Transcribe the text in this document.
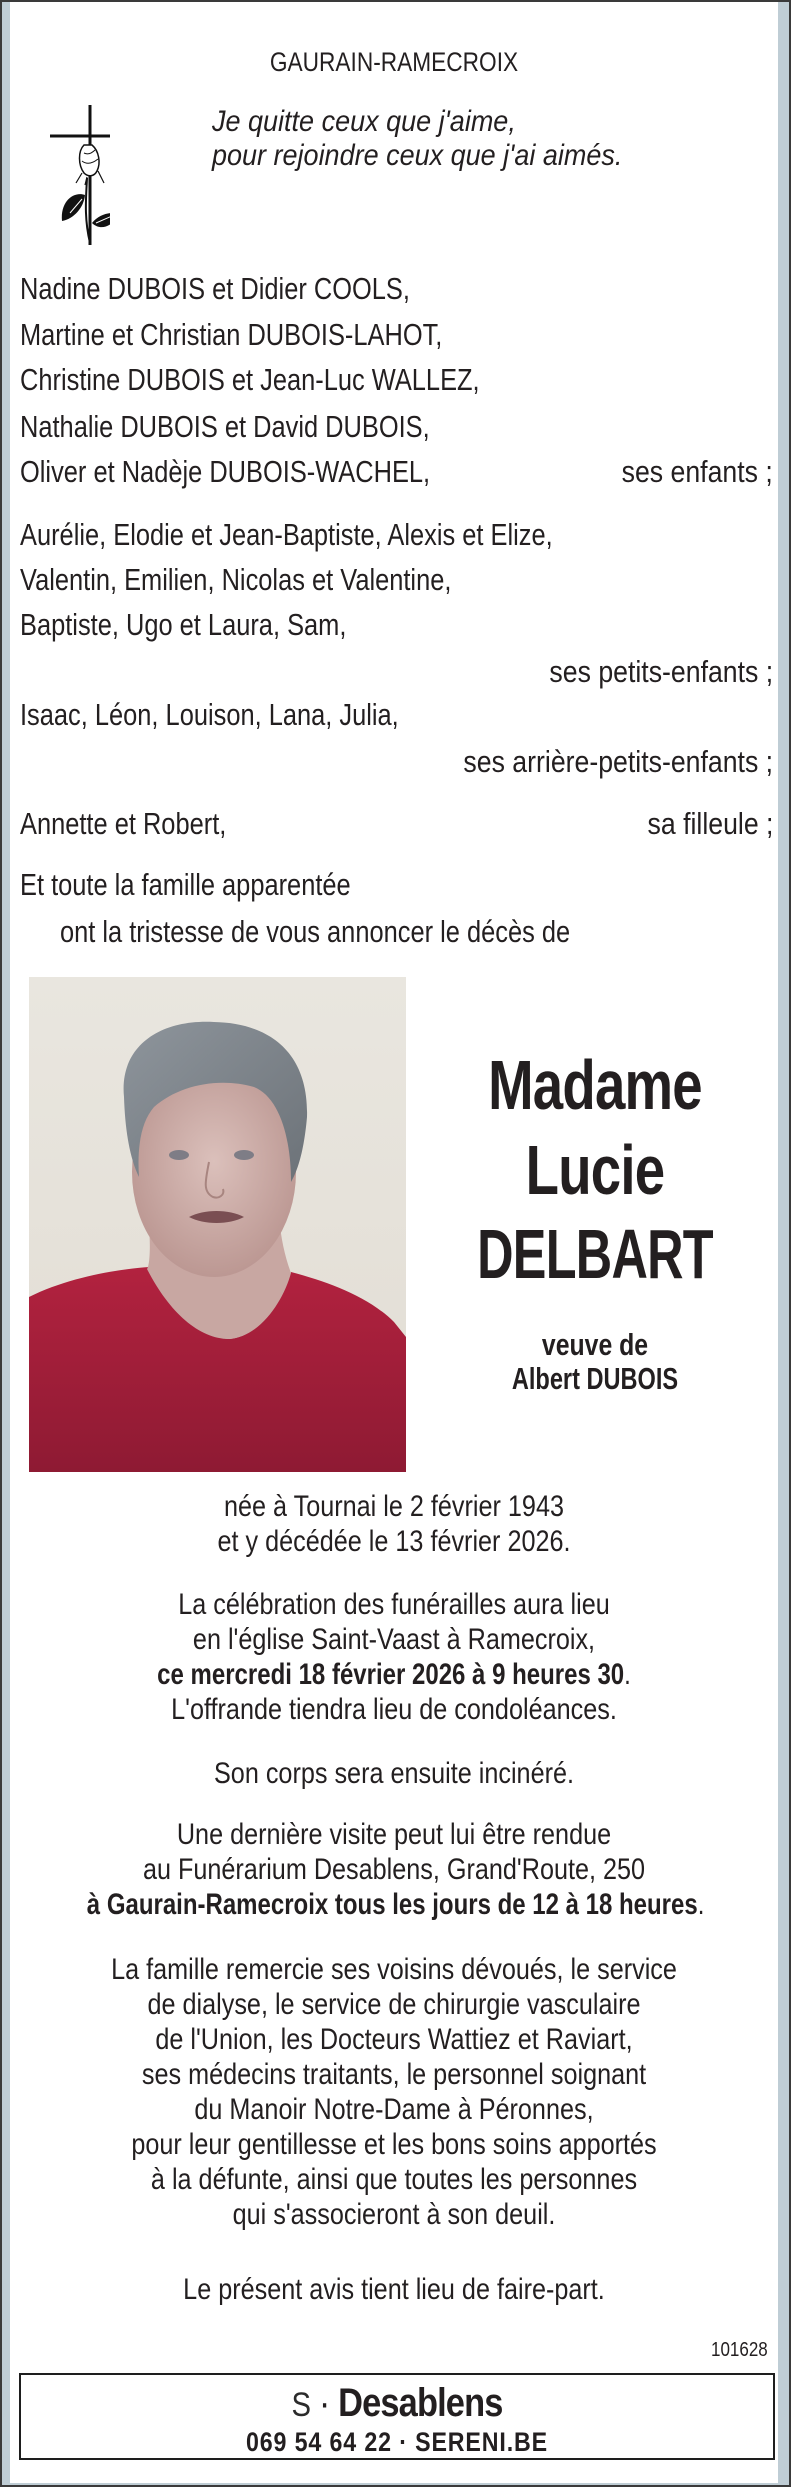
GAURAIN-RAMECROIX
Je quitte ceux que j'aime,
pour rejoindre ceux que j'ai aimés.
Nadine DUBOIS et Didier COOLS,
Martine et Christian DUBOIS-LAHOT,
Christine DUBOIS et Jean-Luc WALLEZ,
Nathalie DUBOIS et David DUBOIS,
Oliver et Nadèje DUBOIS-WACHEL,	ses enfants ;
Aurélie, Elodie et Jean-Baptiste, Alexis et Elize,
Valentin, Emilien, Nicolas et Valentine,
Baptiste, Ugo et Laura, Sam,
ses petits-enfants ;
Isaac, Léon, Louison, Lana, Julia,
ses arrière-petits-enfants ;
Annette et Robert,	sa filleule ;
Et toute la famille apparentée
ont la tristesse de vous annoncer le décès de
Madame
Lucie
DELBART
veuve de
Albert DUBOIS
née à Tournai le 2 février 1943
et y décédée le 13 février 2026.
La célébration des funérailles aura lieu
en l'église Saint-Vaast à Ramecroix,
ce mercredi 18 février 2026 à 9 heures 30.
L'offrande tiendra lieu de condoléances.
Son corps sera ensuite incinéré.
Une dernière visite peut lui être rendue
au Funérarium Desablens, Grand'Route, 250
à Gaurain-Ramecroix tous les jours de 12 à 18 heures.
La famille remercie ses voisins dévoués, le service
de dialyse, le service de chirurgie vasculaire
de l'Union, les Docteurs Wattiez et Raviart,
ses médecins traitants, le personnel soignant
du Manoir Notre-Dame à Péronnes,
pour leur gentillesse et les bons soins apportés
à la défunte, ainsi que toutes les personnes
qui s'associeront à son deuil.
Le présent avis tient lieu de faire-part.
101628
S · Desablens
069 54 64 22 · SERENI.BE
